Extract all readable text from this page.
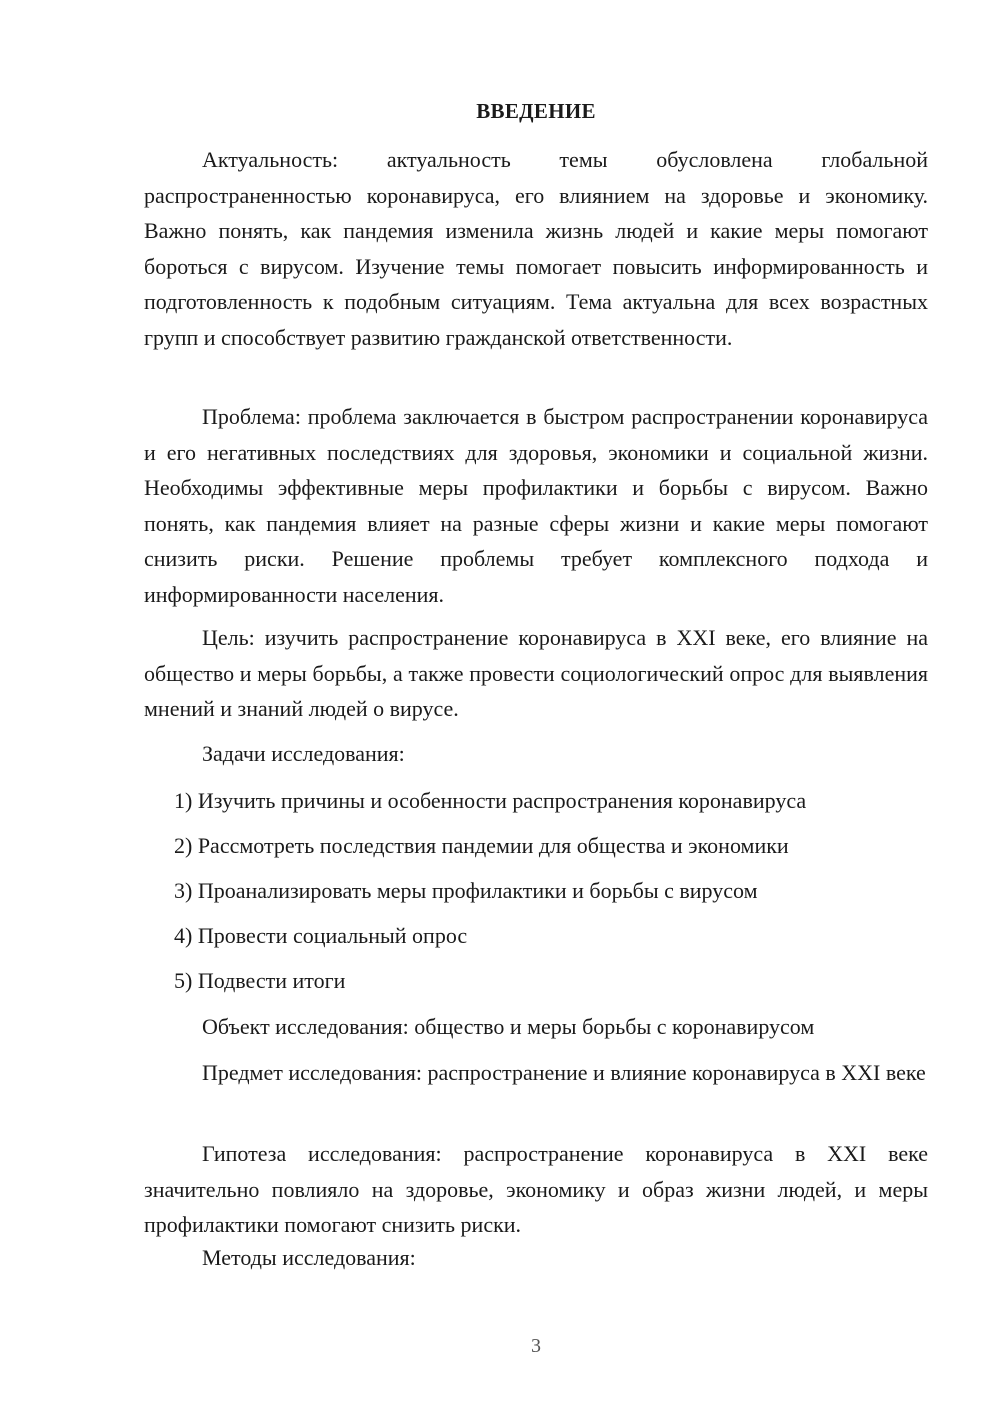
ВВЕДЕНИЕ

Актуальность: актуальность темы обусловлена глобальной распространенностью коронавируса, его влиянием на здоровье и экономику. Важно понять, как пандемия изменила жизнь людей и какие меры помогают бороться с вирусом. Изучение темы помогает повысить информированность и подготовленность к подобным ситуациям. Тема актуальна для всех возрастных групп и способствует развитию гражданской ответственности.

Проблема: проблема заключается в быстром распространении коронавируса и его негативных последствиях для здоровья, экономики и социальной жизни. Необходимы эффективные меры профилактики и борьбы с вирусом. Важно понять, как пандемия влияет на разные сферы жизни и какие меры помогают снизить риски. Решение проблемы требует комплексного подхода и информированности населения.

Цель: изучить распространение коронавируса в XXI веке, его влияние на общество и меры борьбы, а также провести социологический опрос для выявления мнений и знаний людей о вирусе.

Задачи исследования:

1) Изучить причины и особенности распространения коронавируса
2) Рассмотреть последствия пандемии для общества и экономики
3) Проанализировать меры профилактики и борьбы с вирусом
4) Провести социальный опрос
5) Подвести итоги

Объект исследования: общество и меры борьбы с коронавирусом

Предмет исследования: распространение и влияние коронавируса в XXI веке

Гипотеза исследования: распространение коронавируса в XXI веке значительно повлияло на здоровье, экономику и образ жизни людей, и меры профилактики помогают снизить риски.

Методы исследования:

3
